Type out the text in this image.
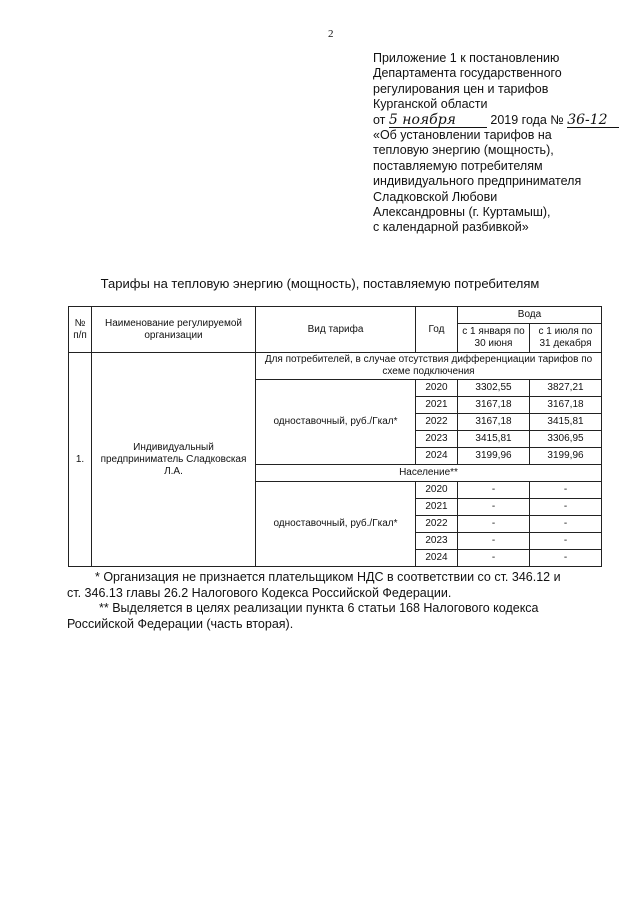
2
Приложение 1 к постановлению
Департамента государственного
регулирования цен и тарифов
Курганской области
от 5 ноября	2019 года № 36-12
«Об установлении тарифов на
тепловую энергию (мощность),
поставляемую потребителям
индивидуального предпринимателя
Сладковской Любови
Александровны (г. Куртамыш),
с календарной разбивкой»
Тарифы на тепловую энергию (мощность), поставляемую потребителям
№ п/п	Наименование регулируемой организации	Вид тарифа	Год	Вода	
				с 1 января по 30 июня	с 1 июля по 31 декабря
1.	Индивидуальный предприниматель Сладковская Л.А.	Для потребителей, в случае отсутствия дифференциации тарифов по схеме подключения			
		одноставочный, руб./Гкал*	2020	3302,55	3827,21
			2021	3167,18	3167,18
			2022	3167,18	3415,81
			2023	3415,81	3306,95
			2024	3199,96	3199,96
		Население**			
		одноставочный, руб./Гкал*	2020	-	-
			2021	-	-
			2022	-	-
			2023	-	-
			2024	-	-

* Организация не признается плательщиком НДС в соответствии со ст. 346.12 и

ст. 346.13 главы 26.2 Налогового Кодекса Российской Федерации.

** Выделяется в целях реализации пункта 6 статьи 168 Налогового кодекса

Российской Федерации (часть вторая).
